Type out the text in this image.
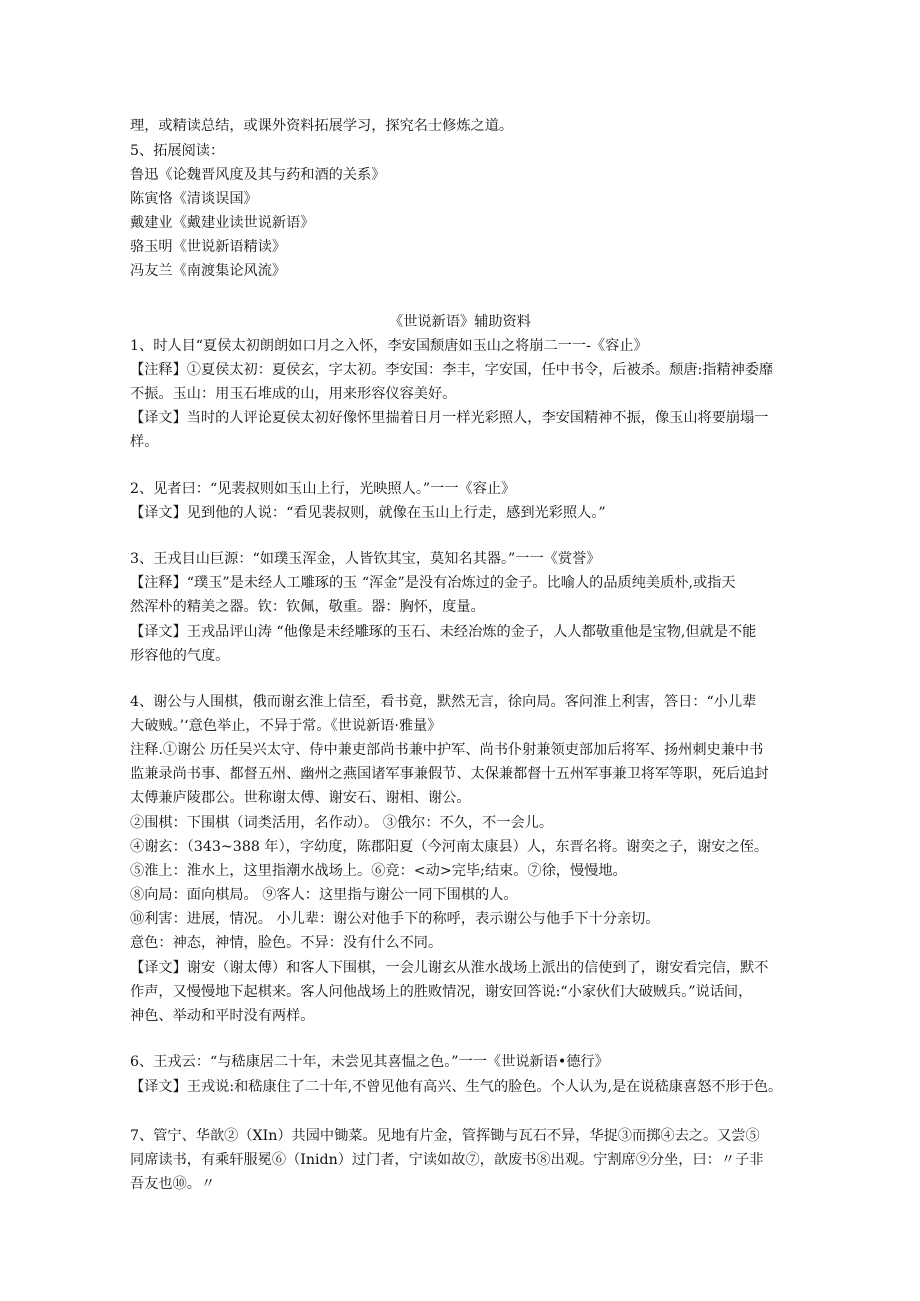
理，或精读总结，或课外资料拓展学习，探究名士修炼之道。
5、拓展阅读：
鲁迅《论魏晋风度及其与药和酒的关系》
陈寅恪《清谈误国》
戴建业《戴建业读世说新语》
骆玉明《世说新语精读》
冯友兰《南渡集论风流》
《世说新语》辅助资料
1、时人目“夏侯太初朗朗如口月之入怀，李安国颓唐如玉山之将崩二一一-《容止》
【注释】①夏侯太初：夏侯玄，字太初。李安国：李丰，字安国，任中书令，后被杀。颓唐:指精神委靡
不振。玉山：用玉石堆成的山，用来形容仪容美好。
【译文】当时的人评论夏侯太初好像怀里揣着日月一样光彩照人，李安国精神不振，像玉山将要崩塌一
样。
2、见者曰：“见裴叔则如玉山上行，光映照人。”一一《容止》
【译文】见到他的人说：“看见裴叔则，就像在玉山上行走，感到光彩照人。”
3、王戎目山巨源：“如璞玉浑金，人皆钦其宝，莫知名其器。”一一《赏誉》
【注释】“璞玉”是未经人工雕琢的玉 “浑金”是没有冶炼过的金子。比喻人的品质纯美质朴,或指天
然浑朴的精美之器。钦：钦佩，敬重。器：胸怀，度量。
【译文】王戎品评山涛 “他像是未经雕琢的玉石、未经冶炼的金子，人人都敬重他是宝物,但就是不能
形容他的气度。
4、谢公与人围棋，俄而谢玄淮上信至，看书竟，默然无言，徐向局。客问淮上利害，答日：“小儿辈
大破贼。’‘意色举止，不异于常。《世说新语·雅量》
注释.①谢公 历任吴兴太守、侍中兼吏部尚书兼中护军、尚书仆射兼领吏部加后将军、扬州刺史兼中书
监兼录尚书事、都督五州、幽州之燕国诸军事兼假节、太保兼都督十五州军事兼卫将军等职，死后追封
太傅兼庐陵郡公。世称谢太傅、谢安石、谢相、谢公。
②围棋：下围棋（词类活用，名作动）。 ③俄尔：不久，不一会儿。
④谢玄：（343~388 年），字幼度，陈郡阳夏（今河南太康县）人，东晋名将。谢奕之子，谢安之侄。
⑤淮上：淮水上，这里指潮水战场上。⑥竞：<动>完毕;结束。⑦徐，慢慢地。
⑧向局：面向棋局。 ⑨客人：这里指与谢公一同下围棋的人。
⑩利害：进展，情况。 小儿辈：谢公对他手下的称呼，表示谢公与他手下十分亲切。
意色：神态，神情，脸色。不异：没有什么不同。
【译文】谢安（谢太傅）和客人下围棋，一会儿谢玄从淮水战场上派出的信使到了，谢安看完信，默不
作声，又慢慢地下起棋来。客人问他战场上的胜败情况，谢安回答说:“小家伙们大破贼兵。”说话间，
神色、举动和平时没有两样。
6、王戎云：“与嵇康居二十年，未尝见其喜愠之色。”一一《世说新语•德行》
【译文】王戎说:和嵇康住了二十年,不曾见他有高兴、生气的脸色。个人认为,是在说嵇康喜怒不形于色。
7、管宁、华歆②（XIn）共园中锄菜。见地有片金，管挥锄与瓦石不异，华捉③而掷④去之。又尝⑤
同席读书，有乘轩服冕⑥（Inidn）过门者，宁读如故⑦，歆废书⑧出观。宁割席⑨分坐，曰：〃子非
吾友也⑩。〃
